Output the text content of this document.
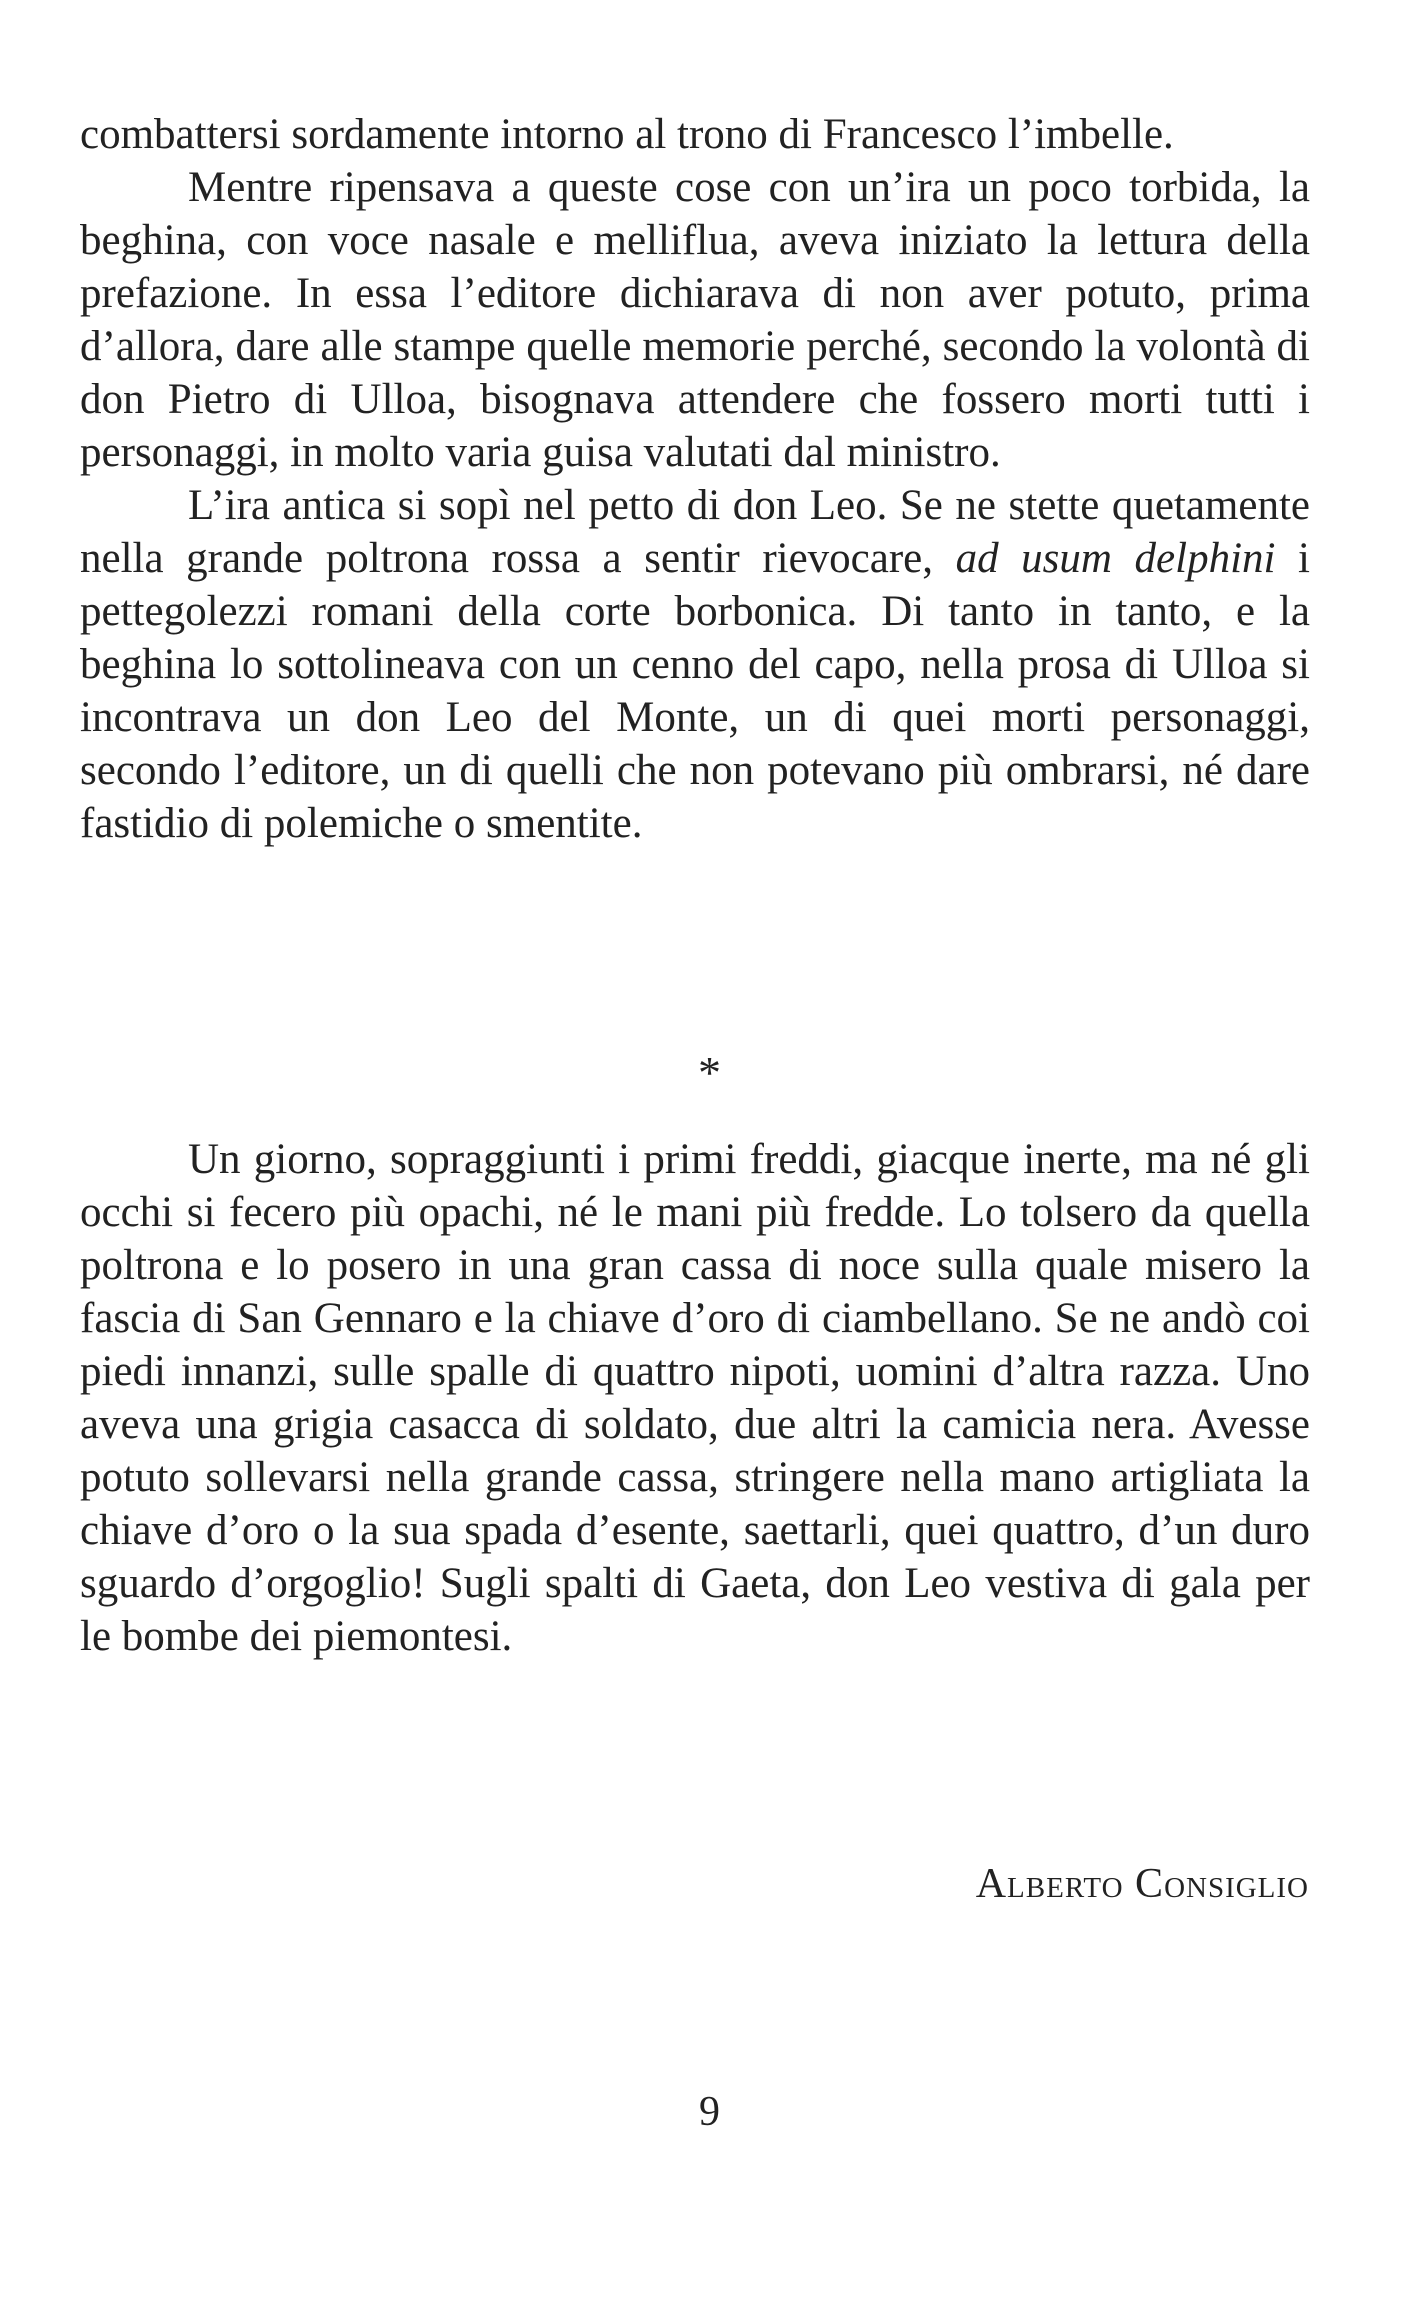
combattersi sordamente intorno al trono di Francesco l’imbelle.

Mentre ripensava a queste cose con un’ira un poco torbida, la beghina, con voce nasale e melliflua, aveva iniziato la lettura della prefazione. In essa l’editore dichiarava di non aver potuto, prima d’allora, dare alle stampe quelle memorie perché, secondo la volontà di don Pietro di Ulloa, bisognava attendere che fossero morti tutti i personaggi, in molto varia guisa valutati dal ministro.

L’ira antica si sopì nel petto di don Leo. Se ne stette quetamente nella grande poltrona rossa a sentir rievocare, ad usum delphini i pettegolezzi romani della corte borbonica. Di tanto in tanto, e la beghina lo sottolineava con un cenno del capo, nella prosa di Ulloa si incontrava un don Leo del Monte, un di quei morti personaggi, secondo l’editore, un di quelli che non potevano più ombrarsi, né dare fastidio di polemiche o smentite.

*

Un giorno, sopraggiunti i primi freddi, giacque inerte, ma né gli occhi si fecero più opachi, né le mani più fredde. Lo tolsero da quella poltrona e lo posero in una gran cassa di noce sulla quale misero la fascia di San Gennaro e la chiave d’oro di ciambellano. Se ne andò coi piedi innanzi, sulle spalle di quattro nipoti, uomini d’altra razza. Uno aveva una grigia casacca di soldato, due altri la camicia nera. Avesse potuto sollevarsi nella grande cassa, stringere nella mano artigliata la chiave d’oro o la sua spada d’esente, saettarli, quei quattro, d’un duro sguardo d’orgoglio! Sugli spalti di Gaeta, don Leo vestiva di gala per le bombe dei piemontesi.

Alberto Consiglio
9
